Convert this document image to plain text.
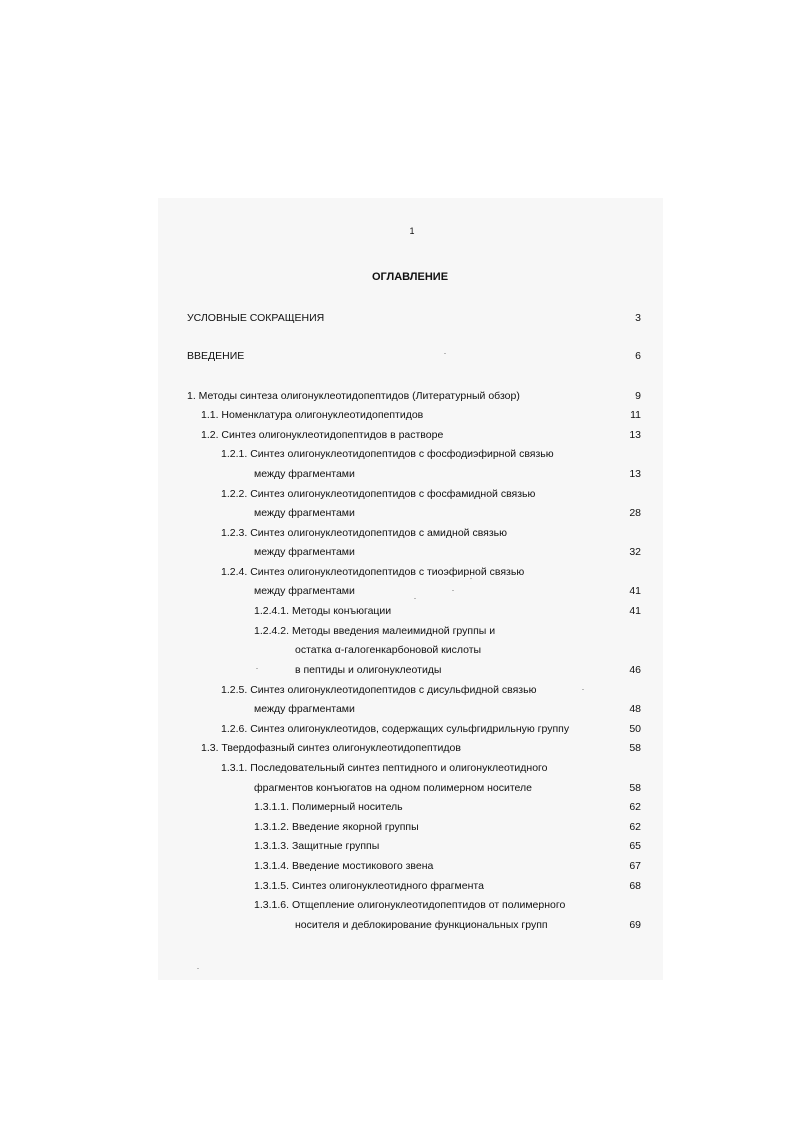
1
ОГЛАВЛЕНИЕ
УСЛОВНЫЕ СОКРАЩЕНИЯ	3
ВВЕДЕНИЕ	6
1. Методы синтеза олигонуклеотидопептидов (Литературный обзор)	9
1.1. Номенклатура олигонуклеотидопептидов	11
1.2. Синтез олигонуклеотидопептидов в растворе	13
1.2.1. Синтез олигонуклеотидопептидов с фосфодиэфирной связью
между фрагментами	13
1.2.2. Синтез олигонуклеотидопептидов с фосфамидной связью
между фрагментами	28
1.2.3. Синтез олигонуклеотидопептидов с амидной связью
между фрагментами	32
1.2.4. Синтез олигонуклеотидопептидов с тиоэфирной связью
между фрагментами	41
1.2.4.1. Методы конъюгации	41
1.2.4.2. Методы введения малеимидной группы и
остатка α-галогенкарбоновой кислоты
в пептиды и олигонуклеотиды	46
1.2.5. Синтез олигонуклеотидопептидов с дисульфидной связью
между фрагментами	48
1.2.6. Синтез олигонуклеотидов, содержащих сульфгидрильную группу	50
1.3. Твердофазный синтез олигонуклеотидопептидов	58
1.3.1. Последовательный синтез пептидного и олигонуклеотидного
фрагментов конъюгатов на одном полимерном носителе	58
1.3.1.1. Полимерный носитель	62
1.3.1.2. Введение якорной группы	62
1.3.1.3. Защитные группы	65
1.3.1.4. Введение мостикового звена	67
1.3.1.5. Синтез олигонуклеотидного фрагмента	68
1.3.1.6. Отщепление олигонуклеотидопептидов от полимерного
носителя и деблокирование функциональных групп	69
